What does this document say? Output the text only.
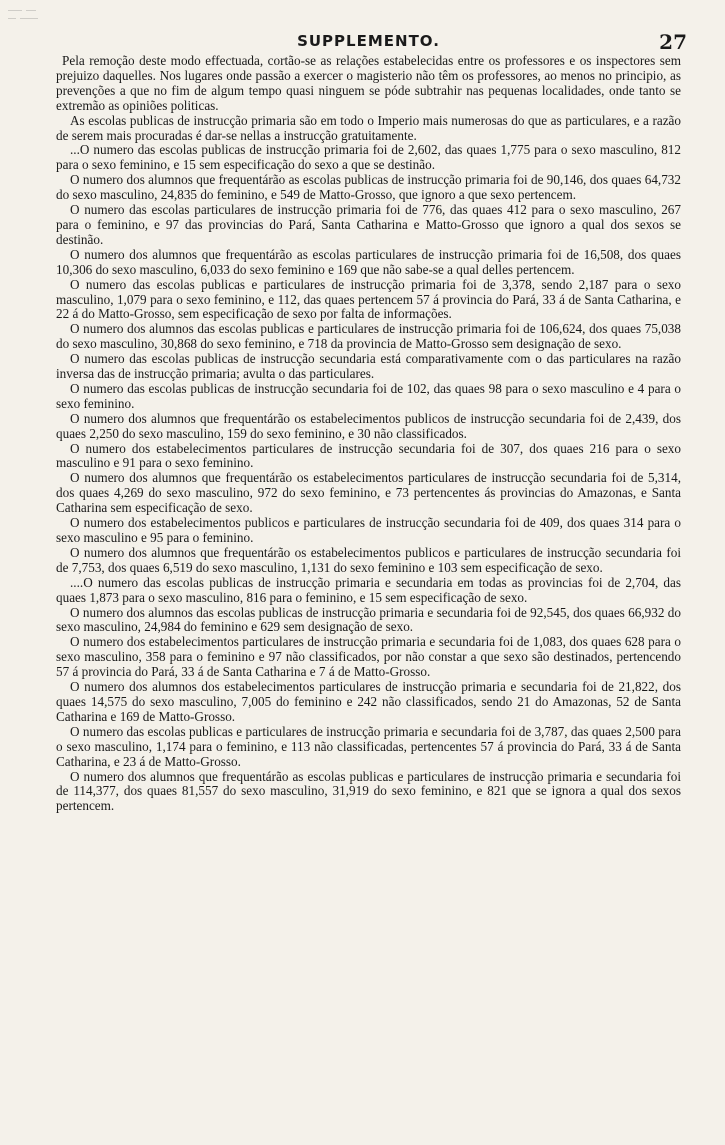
SUPPLEMENTO.	27

Pela remoção deste modo effectuada, cortão-se as relações estabelecidas entre os professores e os inspectores sem prejuizo daquelles. Nos lugares onde passão a exercer o magisterio não têm os professores, ao menos no principio, as prevenções a que no fim de algum tempo quasi ninguem se póde subtrahir nas pequenas localidades, onde tanto se extremão as opiniões politicas.

As escolas publicas de instrucção primaria são em todo o Imperio mais numerosas do que as particulares, e a razão de serem mais procuradas é dar-se nellas a instrucção gratuitamente.

...O numero das escolas publicas de instrucção primaria foi de 2,602, das quaes 1,775 para o sexo masculino, 812 para o sexo feminino, e 15 sem especificação do sexo a que se destinão.

O numero dos alumnos que frequentárão as escolas publicas de instrucção primaria foi de 90,146, dos quaes 64,732 do sexo masculino, 24,835 do feminino, e 549 de Matto-Grosso, que ignoro a que sexo pertencem.

O numero das escolas particulares de instrucção primaria foi de 776, das quaes 412 para o sexo masculino, 267 para o feminino, e 97 das provincias do Pará, Santa Catharina e Matto-Grosso que ignoro a qual dos sexos se destinão.

O numero dos alumnos que frequentárão as escolas particulares de instrucção primaria foi de 16,508, dos quaes 10,306 do sexo masculino, 6,033 do sexo feminino e 169 que não sabe-se a qual delles pertencem.

O numero das escolas publicas e particulares de instrucção primaria foi de 3,378, sendo 2,187 para o sexo masculino, 1,079 para o sexo feminino, e 112, das quaes pertencem 57 á provincia do Pará, 33 á de Santa Catharina, e 22 á do Matto-Grosso, sem especificação de sexo por falta de informações.

O numero dos alumnos das escolas publicas e particulares de instrucção primaria foi de 106,624, dos quaes 75,038 do sexo masculino, 30,868 do sexo feminino, e 718 da provincia de Matto-Grosso sem designação de sexo.

O numero das escolas publicas de instrucção secundaria está comparativamente com o das particulares na razão inversa das de instrucção primaria; avulta o das particulares.

O numero das escolas publicas de instrucção secundaria foi de 102, das quaes 98 para o sexo masculino e 4 para o sexo feminino.

O numero dos alumnos que frequentárão os estabelecimentos publicos de instrucção secundaria foi de 2,439, dos quaes 2,250 do sexo masculino, 159 do sexo feminino, e 30 não classificados.

O numero dos estabelecimentos particulares de instrucção secundaria foi de 307, dos quaes 216 para o sexo masculino e 91 para o sexo feminino.

O numero dos alumnos que frequentárão os estabelecimentos particulares de instrucção secundaria foi de 5,314, dos quaes 4,269 do sexo masculino, 972 do sexo feminino, e 73 pertencentes ás provincias do Amazonas, e Santa Catharina sem especificação de sexo.

O numero dos estabelecimentos publicos e particulares de instrucção secundaria foi de 409, dos quaes 314 para o sexo masculino e 95 para o feminino.

O numero dos alumnos que frequentárão os estabelecimentos publicos e particulares de instrucção secundaria foi de 7,753, dos quaes 6,519 do sexo masculino, 1,131 do sexo feminino e 103 sem especificação de sexo.

....O numero das escolas publicas de instrucção primaria e secundaria em todas as provincias foi de 2,704, das quaes 1,873 para o sexo masculino, 816 para o feminino, e 15 sem especificação de sexo.

O numero dos alumnos das escolas publicas de instrucção primaria e secundaria foi de 92,545, dos quaes 66,932 do sexo masculino, 24,984 do feminino e 629 sem designação de sexo.

O numero dos estabelecimentos particulares de instrucção primaria e secundaria foi de 1,083, dos quaes 628 para o sexo masculino, 358 para o feminino e 97 não classificados, por não constar a que sexo são destinados, pertencendo 57 á provincia do Pará, 33 á de Santa Catharina e 7 á de Matto-Grosso.

O numero dos alumnos dos estabelecimentos particulares de instrucção primaria e secundaria foi de 21,822, dos quaes 14,575 do sexo masculino, 7,005 do feminino e 242 não classificados, sendo 21 do Amazonas, 52 de Santa Catharina e 169 de Matto-Grosso.

O numero das escolas publicas e particulares de instrucção primaria e secundaria foi de 3,787, das quaes 2,500 para o sexo masculino, 1,174 para o feminino, e 113 não classificadas, pertencentes 57 á provincia do Pará, 33 á de Santa Catharina, e 23 á de Matto-Grosso.

O numero dos alumnos que frequentárão as escolas publicas e particulares de instrucção primaria e secundaria foi de 114,377, dos quaes 81,557 do sexo masculino, 31,919 do sexo feminino, e 821 que se ignora a qual dos sexos pertencem.
